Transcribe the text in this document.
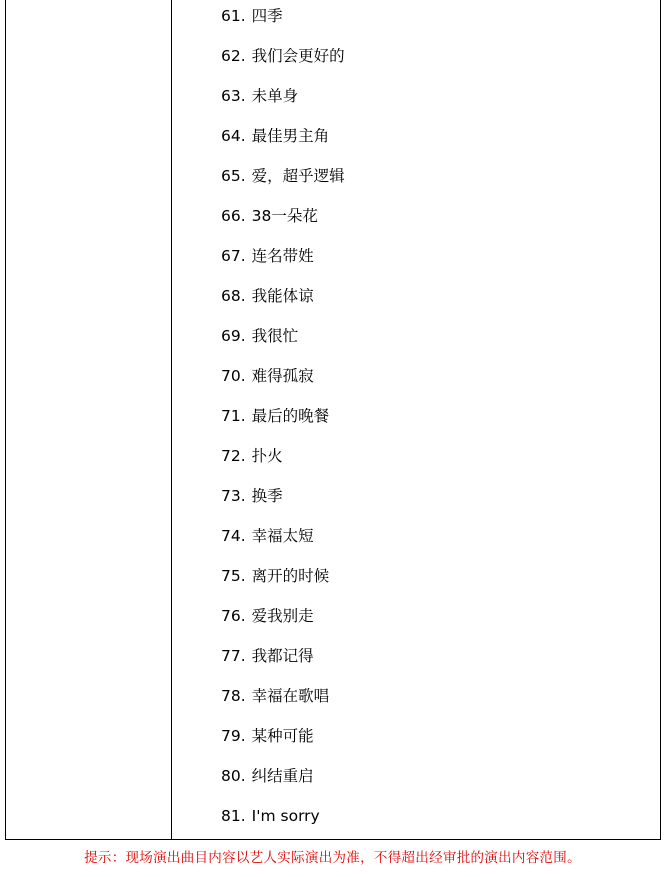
61. 四季
62. 我们会更好的
63. 未单身
64. 最佳男主角
65. 爱，超乎逻辑
66. 38一朵花
67. 连名带姓
68. 我能体谅
69. 我很忙
70. 难得孤寂
71. 最后的晚餐
72. 扑火
73. 换季
74. 幸福太短
75. 离开的时候
76. 爱我别走
77. 我都记得
78. 幸福在歌唱
79. 某种可能
80. 纠结重启
81. I'm sorry
提示：现场演出曲目内容以艺人实际演出为准，不得超出经审批的演出内容范围。
